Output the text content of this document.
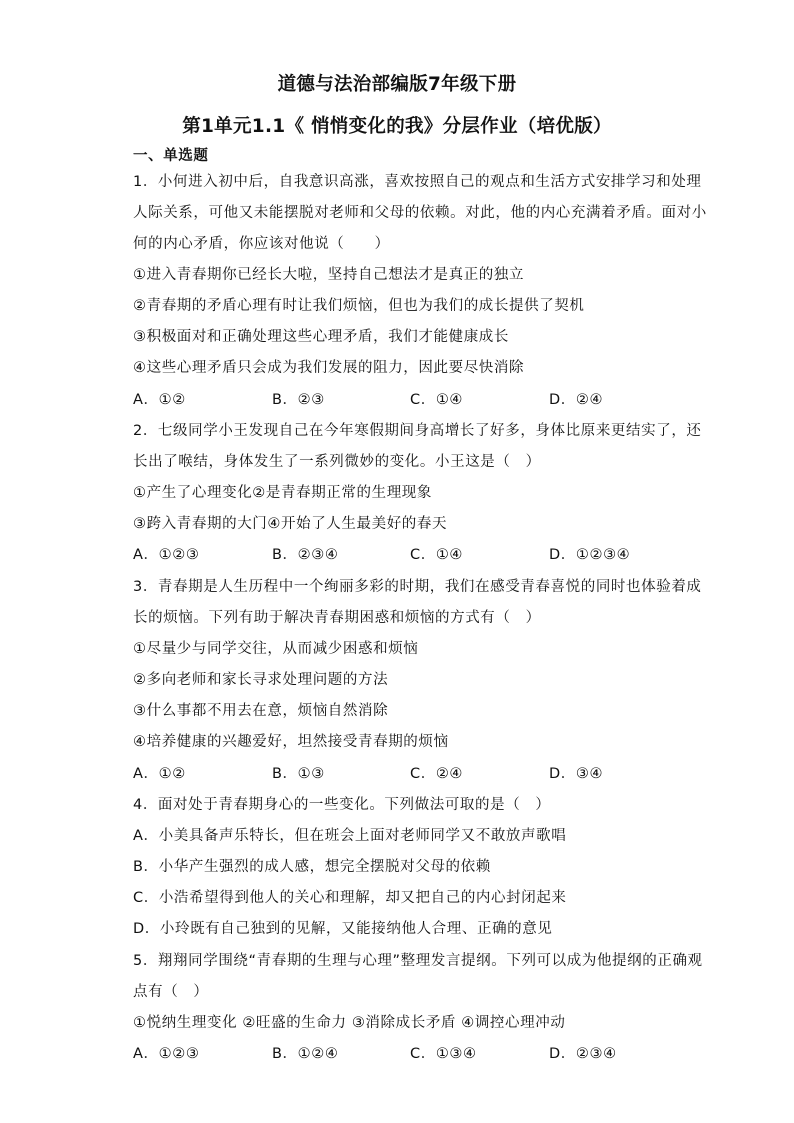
道德与法治部编版7年级下册
第1单元1.1《 悄悄变化的我》分层作业（培优版）
一、单选题
1．小何进入初中后，自我意识高涨，喜欢按照自己的观点和生活方式安排学习和处理
人际关系，可他又未能摆脱对老师和父母的依赖。对此，他的内心充满着矛盾。面对小
何的内心矛盾，你应该对他说（　　）
①进入青春期你已经长大啦，坚持自己想法才是真正的独立
②青春期的矛盾心理有时让我们烦恼，但也为我们的成长提供了契机
③积极面对和正确处理这些心理矛盾，我们才能健康成长
④这些心理矛盾只会成为我们发展的阻力，因此要尽快消除
A．①②	B．②③	C．①④	D．②④
2．七级同学小王发现自己在今年寒假期间身高增长了好多，身体比原来更结实了，还
长出了喉结，身体发生了一系列微妙的变化。小王这是（　）
①产生了心理变化②是青春期正常的生理现象
③跨入青春期的大门④开始了人生最美好的春天
A．①②③	B．②③④	C．①④	D．①②③④
3．青春期是人生历程中一个绚丽多彩的时期，我们在感受青春喜悦的同时也体验着成
长的烦恼。下列有助于解决青春期困惑和烦恼的方式有（　）
①尽量少与同学交往，从而减少困惑和烦恼
②多向老师和家长寻求处理问题的方法
③什么事都不用去在意，烦恼自然消除
④培养健康的兴趣爱好，坦然接受青春期的烦恼
A．①②	B．①③	C．②④	D．③④
4．面对处于青春期身心的一些变化。下列做法可取的是（　）
A．小美具备声乐特长，但在班会上面对老师同学又不敢放声歌唱
B．小华产生强烈的成人感，想完全摆脱对父母的依赖
C．小浩希望得到他人的关心和理解，却又把自己的内心封闭起来
D．小玲既有自己独到的见解，又能接纳他人合理、正确的意见
5．翔翔同学围绕“青春期的生理与心理”整理发言提纲。下列可以成为他提纲的正确观
点有（　）
①悦纳生理变化 ②旺盛的生命力 ③消除成长矛盾 ④调控心理冲动
A．①②③	B．①②④	C．①③④	D．②③④
